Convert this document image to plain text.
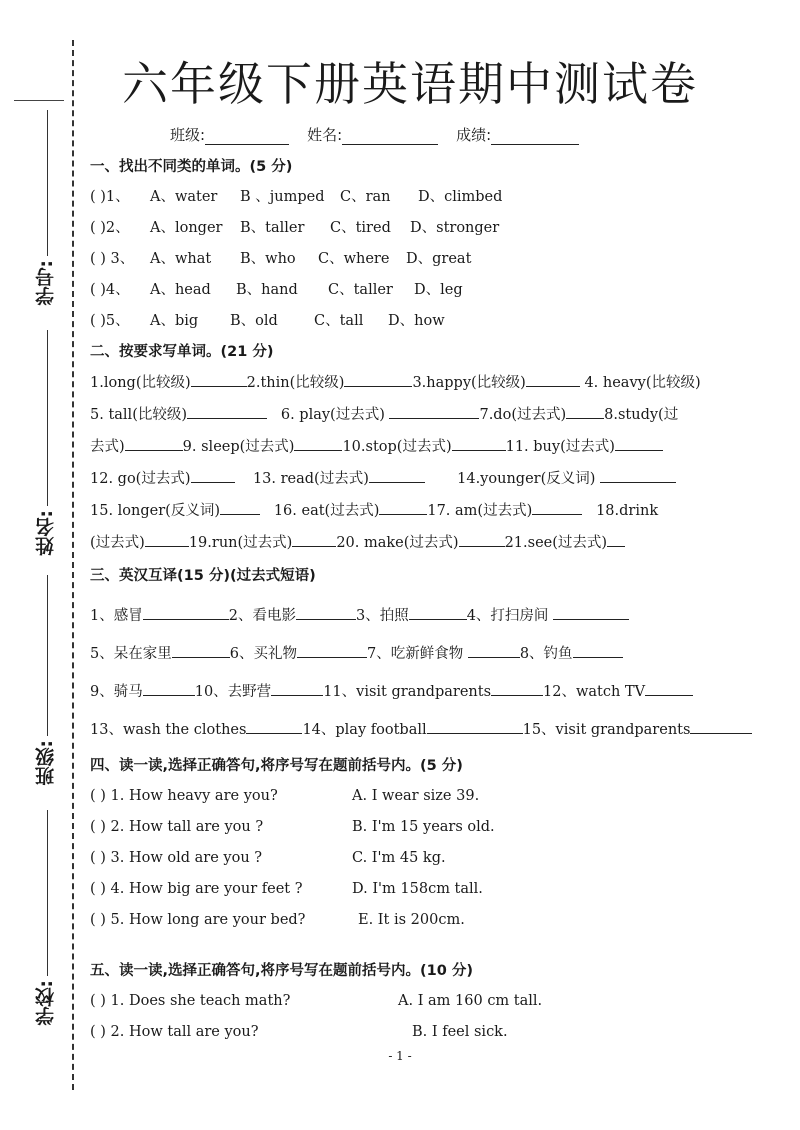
学号:
姓名:
班级:
学校:
六年级下册英语期中测试卷
班级:	姓名:	成绩:
一、找出不同类的单词。(5 分)
( )1、 A、water B 、jumped C、ran D、climbed
( )2、 A、longer B、taller C、tired D、stronger
( ) 3、 A、what B、who C、where D、great
( )4、 A、head B、hand C、taller D、leg
( )5、 A、big B、old C、tall D、how
二、按要求写单词。(21 分)
1.long(比较级)	2.thin(比较级)	3.happy(比较级)	4. heavy(比较级)
5. tall(比较级)	6. play(过去式)	7.do(过去式)	8.study(过
去式)	9. sleep(过去式)	10.stop(过去式)	11. buy(过去式)
12. go(过去式)	13. read(过去式)	14.younger(反义词)
15. longer(反义词)	16. eat(过去式)	17. am(过去式)	18.drink
(过去式)	19.run(过去式)	20. make(过去式)	21.see(过去式)
三、英汉互译(15 分)(过去式短语)
1、感冒	2、看电影	3、拍照	4、打扫房间
5、呆在家里	6、买礼物	7、吃新鲜食物	8、钓鱼
9、骑马	10、去野营	11、visit grandparents	12、watch TV
13、wash the clothes	14、play football	15、visit grandparents
四、读一读,选择正确答句,将序号写在题前括号内。(5 分)
( ) 1. How heavy are you?	A. I wear size 39.
( ) 2. How tall are you ?	B. I'm 15 years old.
( ) 3. How old are you ?	C. I'm 45 kg.
( ) 4. How big are your feet ?	D. I'm 158cm tall.
( ) 5. How long are your bed?	E. It is 200cm.
五、读一读,选择正确答句,将序号写在题前括号内。(10 分)
( ) 1. Does she teach math?	A. I am 160 cm tall.
( ) 2. How tall are you?	B. I feel sick.
- 1 -
